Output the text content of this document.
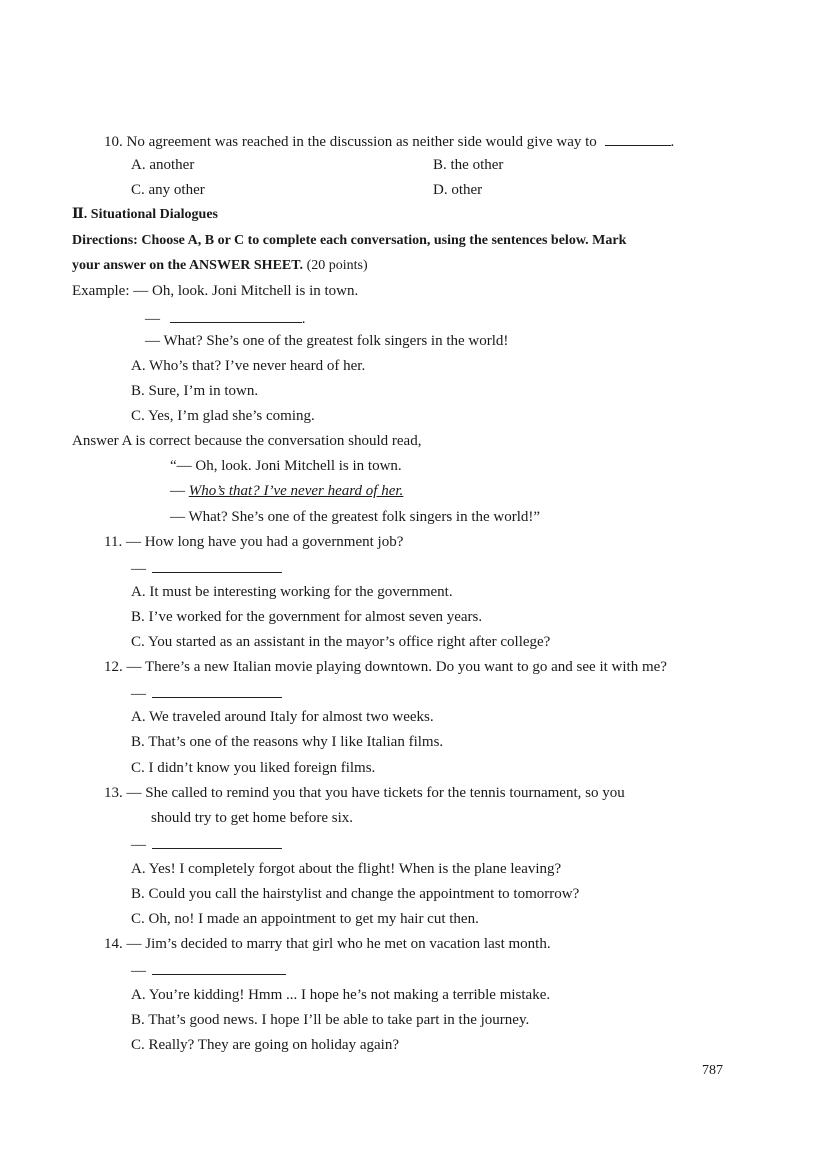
10. No agreement was reached in the discussion as neither side would give way to	.
A. another	B. the other
C. any other	D. other
Ⅱ. Situational Dialogues
Directions: Choose A, B or C to complete each conversation, using the sentences below. Mark
your answer on the ANSWER SHEET. (20 points)
Example: — Oh, look. Joni Mitchell is in town.
—	.
— What? She’s one of the greatest folk singers in the world!
A. Who’s that? I’ve never heard of her.
B. Sure, I’m in town.
C. Yes, I’m glad she’s coming.
Answer A is correct because the conversation should read,
“— Oh, look. Joni Mitchell is in town.
— Who’s that? I’ve never heard of her.
— What? She’s one of the greatest folk singers in the world!”
11. — How long have you had a government job?
—
A. It must be interesting working for the government.
B. I’ve worked for the government for almost seven years.
C. You started as an assistant in the mayor’s office right after college?
12. — There’s a new Italian movie playing downtown. Do you want to go and see it with me?
—
A. We traveled around Italy for almost two weeks.
B. That’s one of the reasons why I like Italian films.
C. I didn’t know you liked foreign films.
13. — She called to remind you that you have tickets for the tennis tournament, so you
should try to get home before six.
—
A. Yes! I completely forgot about the flight! When is the plane leaving?
B. Could you call the hairstylist and change the appointment to tomorrow?
C. Oh, no! I made an appointment to get my hair cut then.
14. — Jim’s decided to marry that girl who he met on vacation last month.
—
A. You’re kidding! Hmm ... I hope he’s not making a terrible mistake.
B. That’s good news. I hope I’ll be able to take part in the journey.
C. Really? They are going on holiday again?
787
